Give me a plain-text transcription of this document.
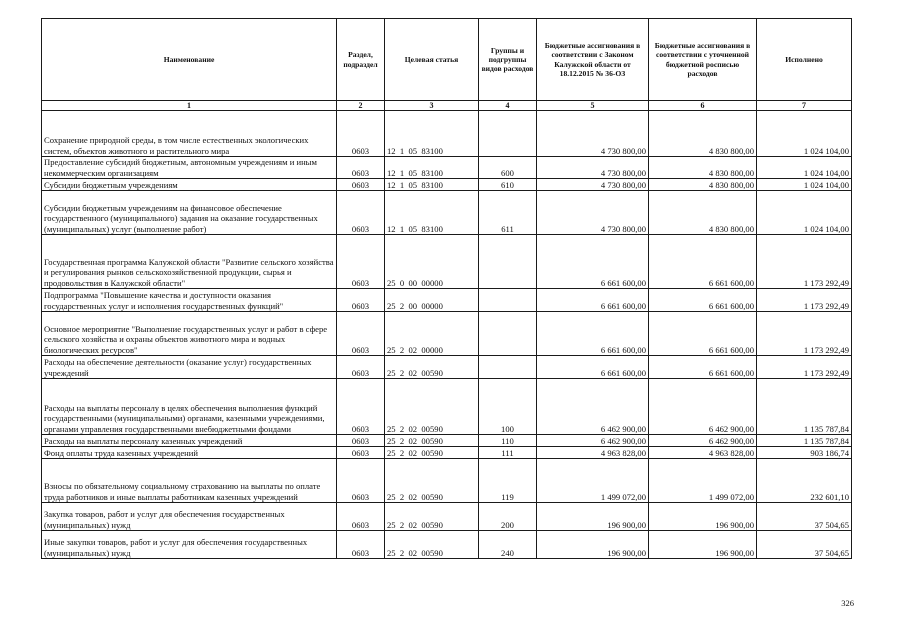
Наименование	Раздел, подраздел	Целевая статья	Группы и подгруппы видов расходов	Бюджетные ассигнования в соответствии с Законом Калужской области от 18.12.2015 № 36-ОЗ	Бюджетные ассигнования в соответствии с уточненной бюджетной росписью расходов	Исполнено
1	2	3	4	5	6	7
Сохранение природной среды, в том числе естественных экологических систем, объектов животного и растительного мира	0603	12  1  05  83100		4 730 800,00	4 830 800,00	1 024 104,00
Предоставление субсидий бюджетным, автономным учреждениям и иным некоммерческим организациям	0603	12  1  05  83100	600	4 730 800,00	4 830 800,00	1 024 104,00
Субсидии бюджетным учреждениям	0603	12  1  05  83100	610	4 730 800,00	4 830 800,00	1 024 104,00
Субсидии бюджетным учреждениям на финансовое обеспечение государственного (муниципального) задания на оказание государственных (муниципальных) услуг (выполнение работ)	0603	12  1  05  83100	611	4 730 800,00	4 830 800,00	1 024 104,00
Государственная программа Калужской области "Развитие сельского хозяйства и регулирования рынков сельскохозяйственной продукции, сырья и продовольствия в Калужской области"	0603	25  0  00  00000		6 661 600,00	6 661 600,00	1 173 292,49
Подпрограмма "Повышение качества и доступности оказания государственных услуг и исполнения государственных функций"	0603	25  2  00  00000		6 661 600,00	6 661 600,00	1 173 292,49
Основное мероприятие "Выполнение государственных услуг и работ в сфере сельского хозяйства и охраны объектов животного мира и водных биологических ресурсов"	0603	25  2  02  00000		6 661 600,00	6 661 600,00	1 173 292,49
Расходы на обеспечение деятельности (оказание услуг) государственных учреждений	0603	25  2  02  00590		6 661 600,00	6 661 600,00	1 173 292,49
Расходы на выплаты персоналу в целях обеспечения выполнения функций государственными (муниципальными) органами, казенными учреждениями, органами управления государственными внебюджетными фондами	0603	25  2  02  00590	100	6 462 900,00	6 462 900,00	1 135 787,84
Расходы на выплаты персоналу казенных учреждений	0603	25  2  02  00590	110	6 462 900,00	6 462 900,00	1 135 787,84
Фонд оплаты труда казенных учреждений	0603	25  2  02  00590	111	4 963 828,00	4 963 828,00	903 186,74
Взносы по обязательному социальному страхованию на выплаты по оплате труда работников и иные выплаты работникам казенных учреждений	0603	25  2  02  00590	119	1 499 072,00	1 499 072,00	232 601,10
Закупка товаров, работ и услуг для обеспечения государственных (муниципальных) нужд	0603	25  2  02  00590	200	196 900,00	196 900,00	37 504,65
Иные закупки товаров, работ и услуг для обеспечения государственных (муниципальных) нужд	0603	25  2  02  00590	240	196 900,00	196 900,00	37 504,65
326
